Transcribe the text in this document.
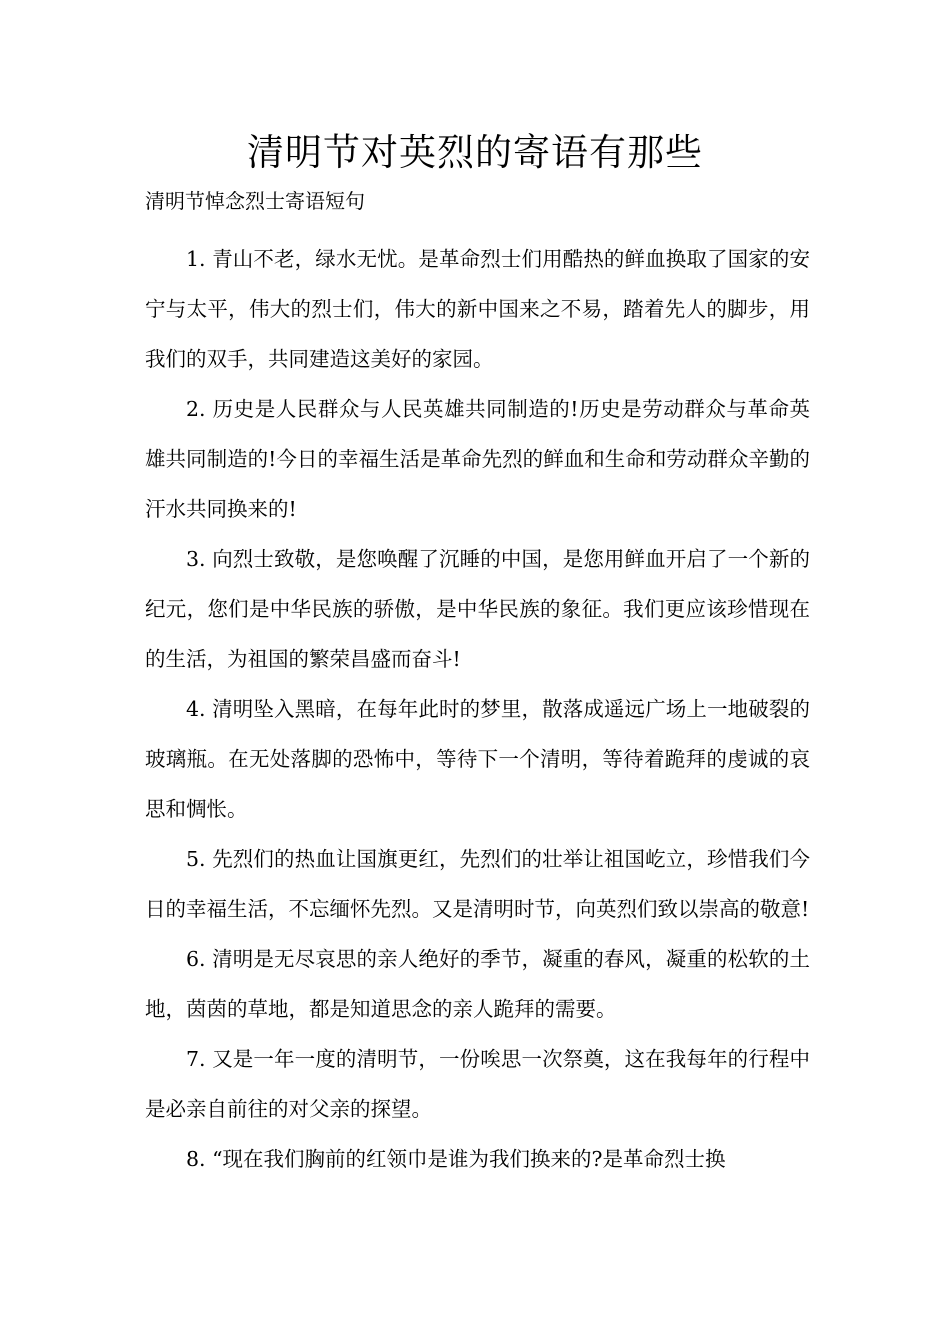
清明节对英烈的寄语有那些

清明节悼念烈士寄语短句

1. 青山不老，绿水无忧。是革命烈士们用酷热的鲜血换取了国家的安宁与太平，伟大的烈士们，伟大的新中国来之不易，踏着先人的脚步，用我们的双手，共同建造这美好的家园。

2. 历史是人民群众与人民英雄共同制造的!历史是劳动群众与革命英雄共同制造的!今日的幸福生活是革命先烈的鲜血和生命和劳动群众辛勤的汗水共同换来的!

3. 向烈士致敬，是您唤醒了沉睡的中国，是您用鲜血开启了一个新的纪元，您们是中华民族的骄傲，是中华民族的象征。我们更应该珍惜现在的生活，为祖国的繁荣昌盛而奋斗!

4. 清明坠入黑暗，在每年此时的梦里，散落成遥远广场上一地破裂的玻璃瓶。在无处落脚的恐怖中，等待下一个清明，等待着跪拜的虔诚的哀思和惆怅。

5. 先烈们的热血让国旗更红，先烈们的壮举让祖国屹立，珍惜我们今日的幸福生活，不忘缅怀先烈。又是清明时节，向英烈们致以崇高的敬意!

6. 清明是无尽哀思的亲人绝好的季节，凝重的春风，凝重的松软的土地，茵茵的草地，都是知道思念的亲人跪拜的需要。

7. 又是一年一度的清明节，一份唉思一次祭奠，这在我每年的行程中是必亲自前往的对父亲的探望。

8. “现在我们胸前的红领巾是谁为我们换来的?是革命烈士换
